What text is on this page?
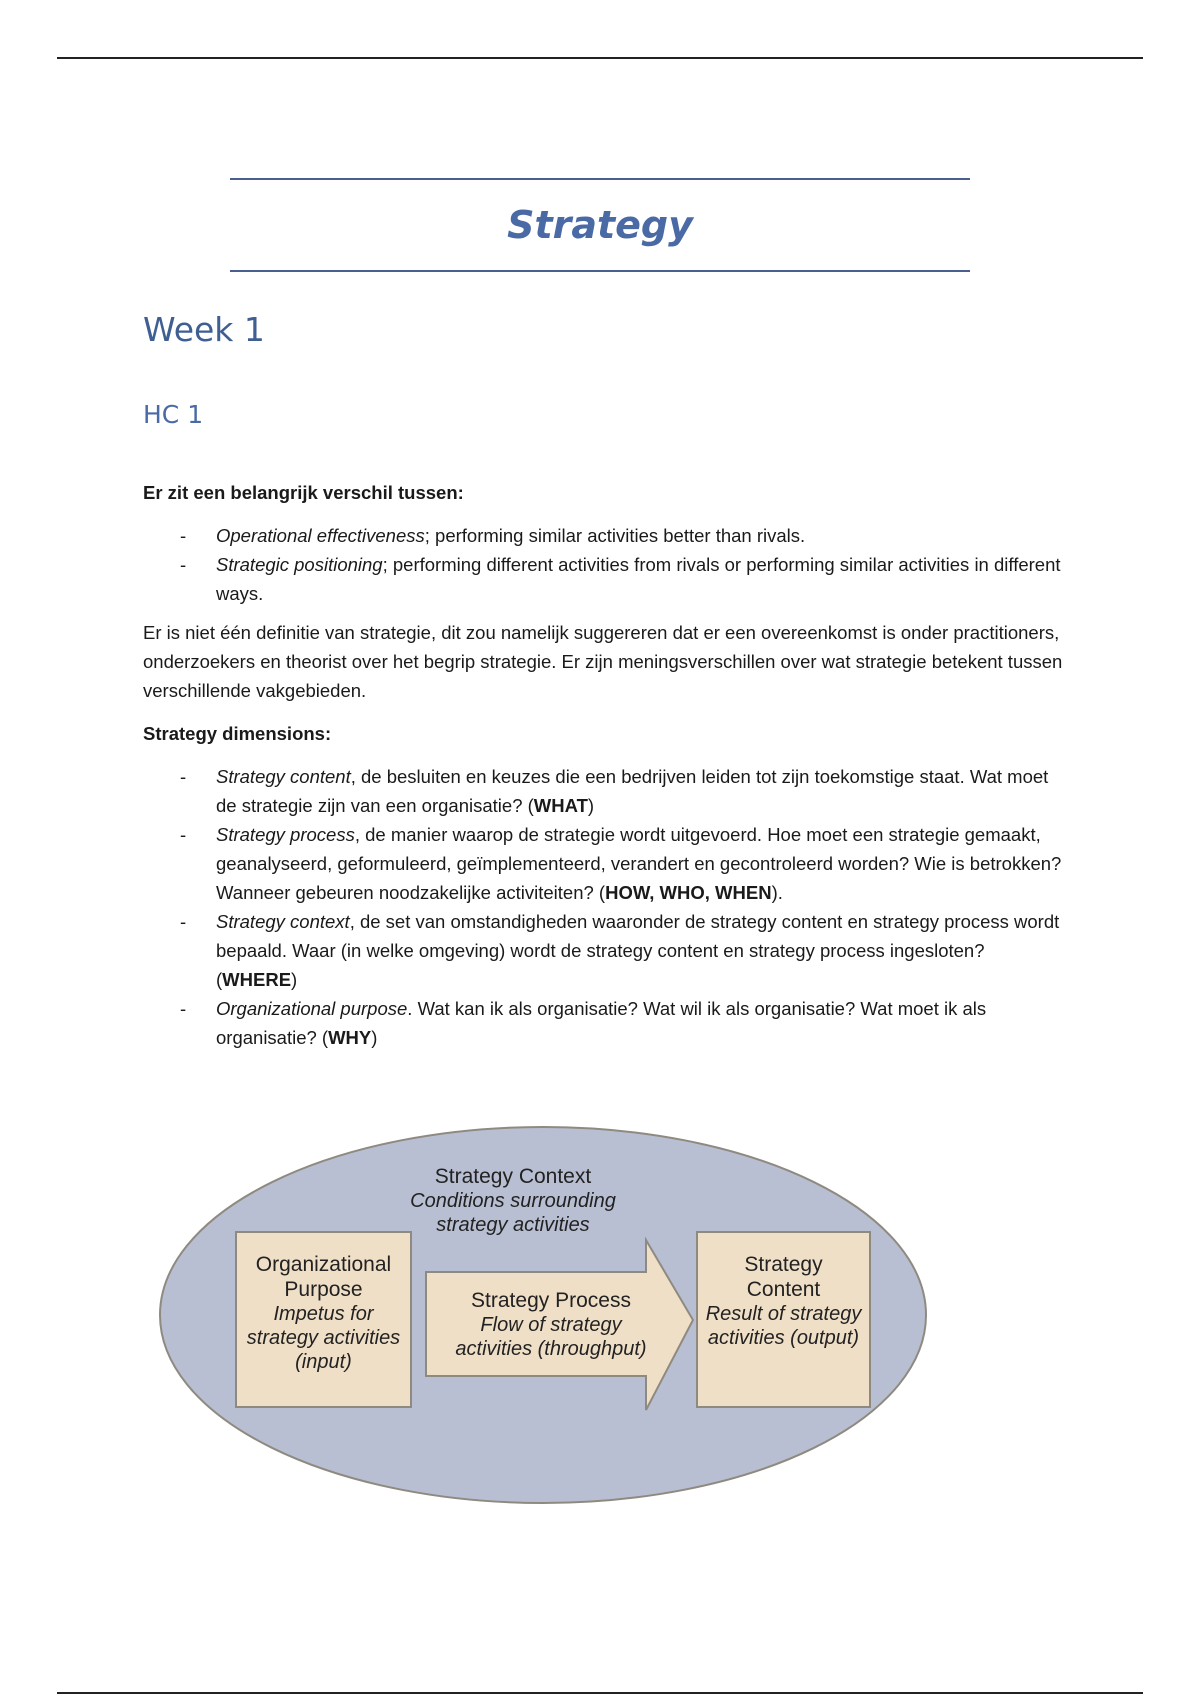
Strategy
Week 1
HC 1

Er zit een belangrijk verschil tussen:

- Operational effectiveness; performing similar activities better than rivals.
- Strategic positioning; performing different activities from rivals or performing similar activities in different ways.

Er is niet één definitie van strategie, dit zou namelijk suggereren dat er een overeenkomst is onder practitioners, onderzoekers en theorist over het begrip strategie. Er zijn meningsverschillen over wat strategie betekent tussen verschillende vakgebieden.

Strategy dimensions:

- Strategy content, de besluiten en keuzes die een bedrijven leiden tot zijn toekomstige staat. Wat moet de strategie zijn van een organisatie? (WHAT)
- Strategy process, de manier waarop de strategie wordt uitgevoerd. Hoe moet een strategie gemaakt, geanalyseerd, geformuleerd, geïmplementeerd, verandert en gecontroleerd worden? Wie is betrokken? Wanneer gebeuren noodzakelijke activiteiten? (HOW, WHO, WHEN).
- Strategy context, de set van omstandigheden waaronder de strategy content en strategy process wordt bepaald. Waar (in welke omgeving) wordt de strategy content en strategy process ingesloten? (WHERE)
- Organizational purpose. Wat kan ik als organisatie? Wat wil ik als organisatie? Wat moet ik als organisatie? (WHY)
Strategy Context
Conditions surrounding strategy activities
Organizational Purpose
Impetus for strategy activities (input)
Strategy Process
Flow of strategy activities (throughput)
Strategy Content
Result of strategy activities (output)
